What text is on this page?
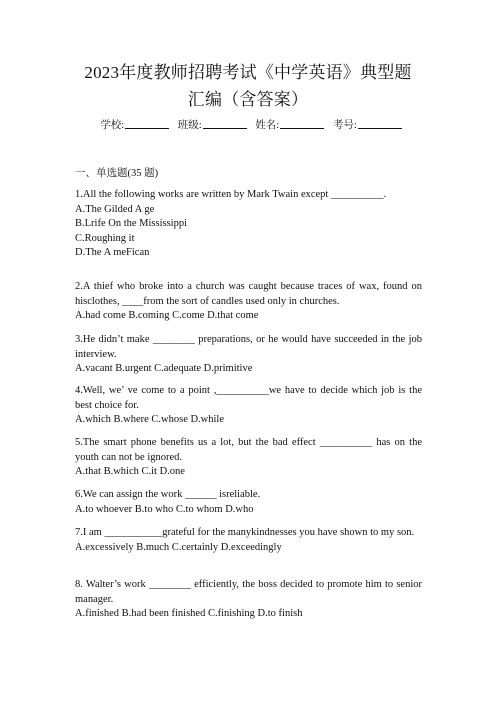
2023年度教师招聘考试《中学英语》典型题
汇编（含答案）
学校:	班级:	姓名:	考号:
一、单选题(35 题)

1.All the following works are written by Mark Twain except __________.

A.The Gilded A ge

B.Lrife On the Mississippi

C.Roughing it

D.The A meFican

2.A thief who broke into a church was caught because traces of wax, found on hisclothes, ____from the sort of candles used only in churches.

A.had come B.coming C.come D.that come

3.He didn’t make ________ preparations, or he would have succeeded in the job interview.

A.vacant B.urgent C.adequate D.primitive

4.Well, we’ ve come to a point ,__________we have to decide which job is the best choice for.

A.which B.where C.whose D.while

5.The smart phone benefits us a lot, but the bad effect __________ has on the youth can not be ignored.

A.that B.which C.it D.one

6.We can assign the work ______ isreliable.

A.to whoever B.to who C.to whom D.who

7.I am ___________grateful for the manykindnesses you have shown to my son.

A.excessively B.much C.certainly D.exceedingly

8. Walter’s work ________ efficiently, the boss decided to promote him to senior manager.

A.finished B.had been finished C.finishing D.to finish
